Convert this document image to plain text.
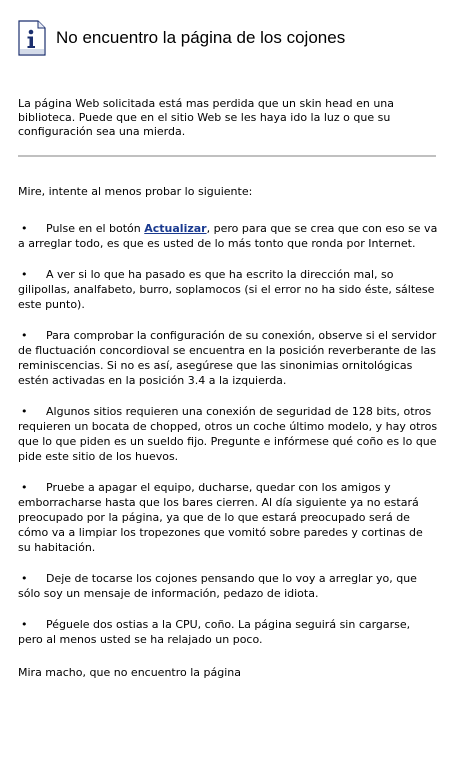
No encuentro la página de los cojones

La página Web solicitada está mas perdida que un skin head en una biblioteca. Puede que en el sitio Web se les haya ido la luz o que su configuración sea una mierda.

Mire, intente al menos probar lo siguiente:

• Pulse en el botón Actualizar, pero para que se crea que con eso se va a arreglar todo, es que es usted de lo más tonto que ronda por Internet.
• A ver si lo que ha pasado es que ha escrito la dirección mal, so gilipollas, analfabeto, burro, soplamocos (si el error no ha sido éste, sáltese este punto).
• Para comprobar la configuración de su conexión, observe si el servidor de fluctuación concordioval se encuentra en la posición reverberante de las reminiscencias. Si no es así, asegúrese que las sinonimias ornitológicas estén activadas en la posición 3.4 a la izquierda.
• Algunos sitios requieren una conexión de seguridad de 128 bits, otros requieren un bocata de chopped, otros un coche último modelo, y hay otros que lo que piden es un sueldo fijo. Pregunte e infórmese qué coño es lo que pide este sitio de los huevos.
• Pruebe a apagar el equipo, ducharse, quedar con los amigos y emborracharse hasta que los bares cierren. Al día siguiente ya no estará preocupado por la página, ya que de lo que estará preocupado será de cómo va a limpiar los tropezones que vomitó sobre paredes y cortinas de su habitación.
• Deje de tocarse los cojones pensando que lo voy a arreglar yo, que sólo soy un mensaje de información, pedazo de idiota.
• Péguele dos ostias a la CPU, coño. La página seguirá sin cargarse, pero al menos usted se ha relajado un poco.

Mira macho, que no encuentro la página
